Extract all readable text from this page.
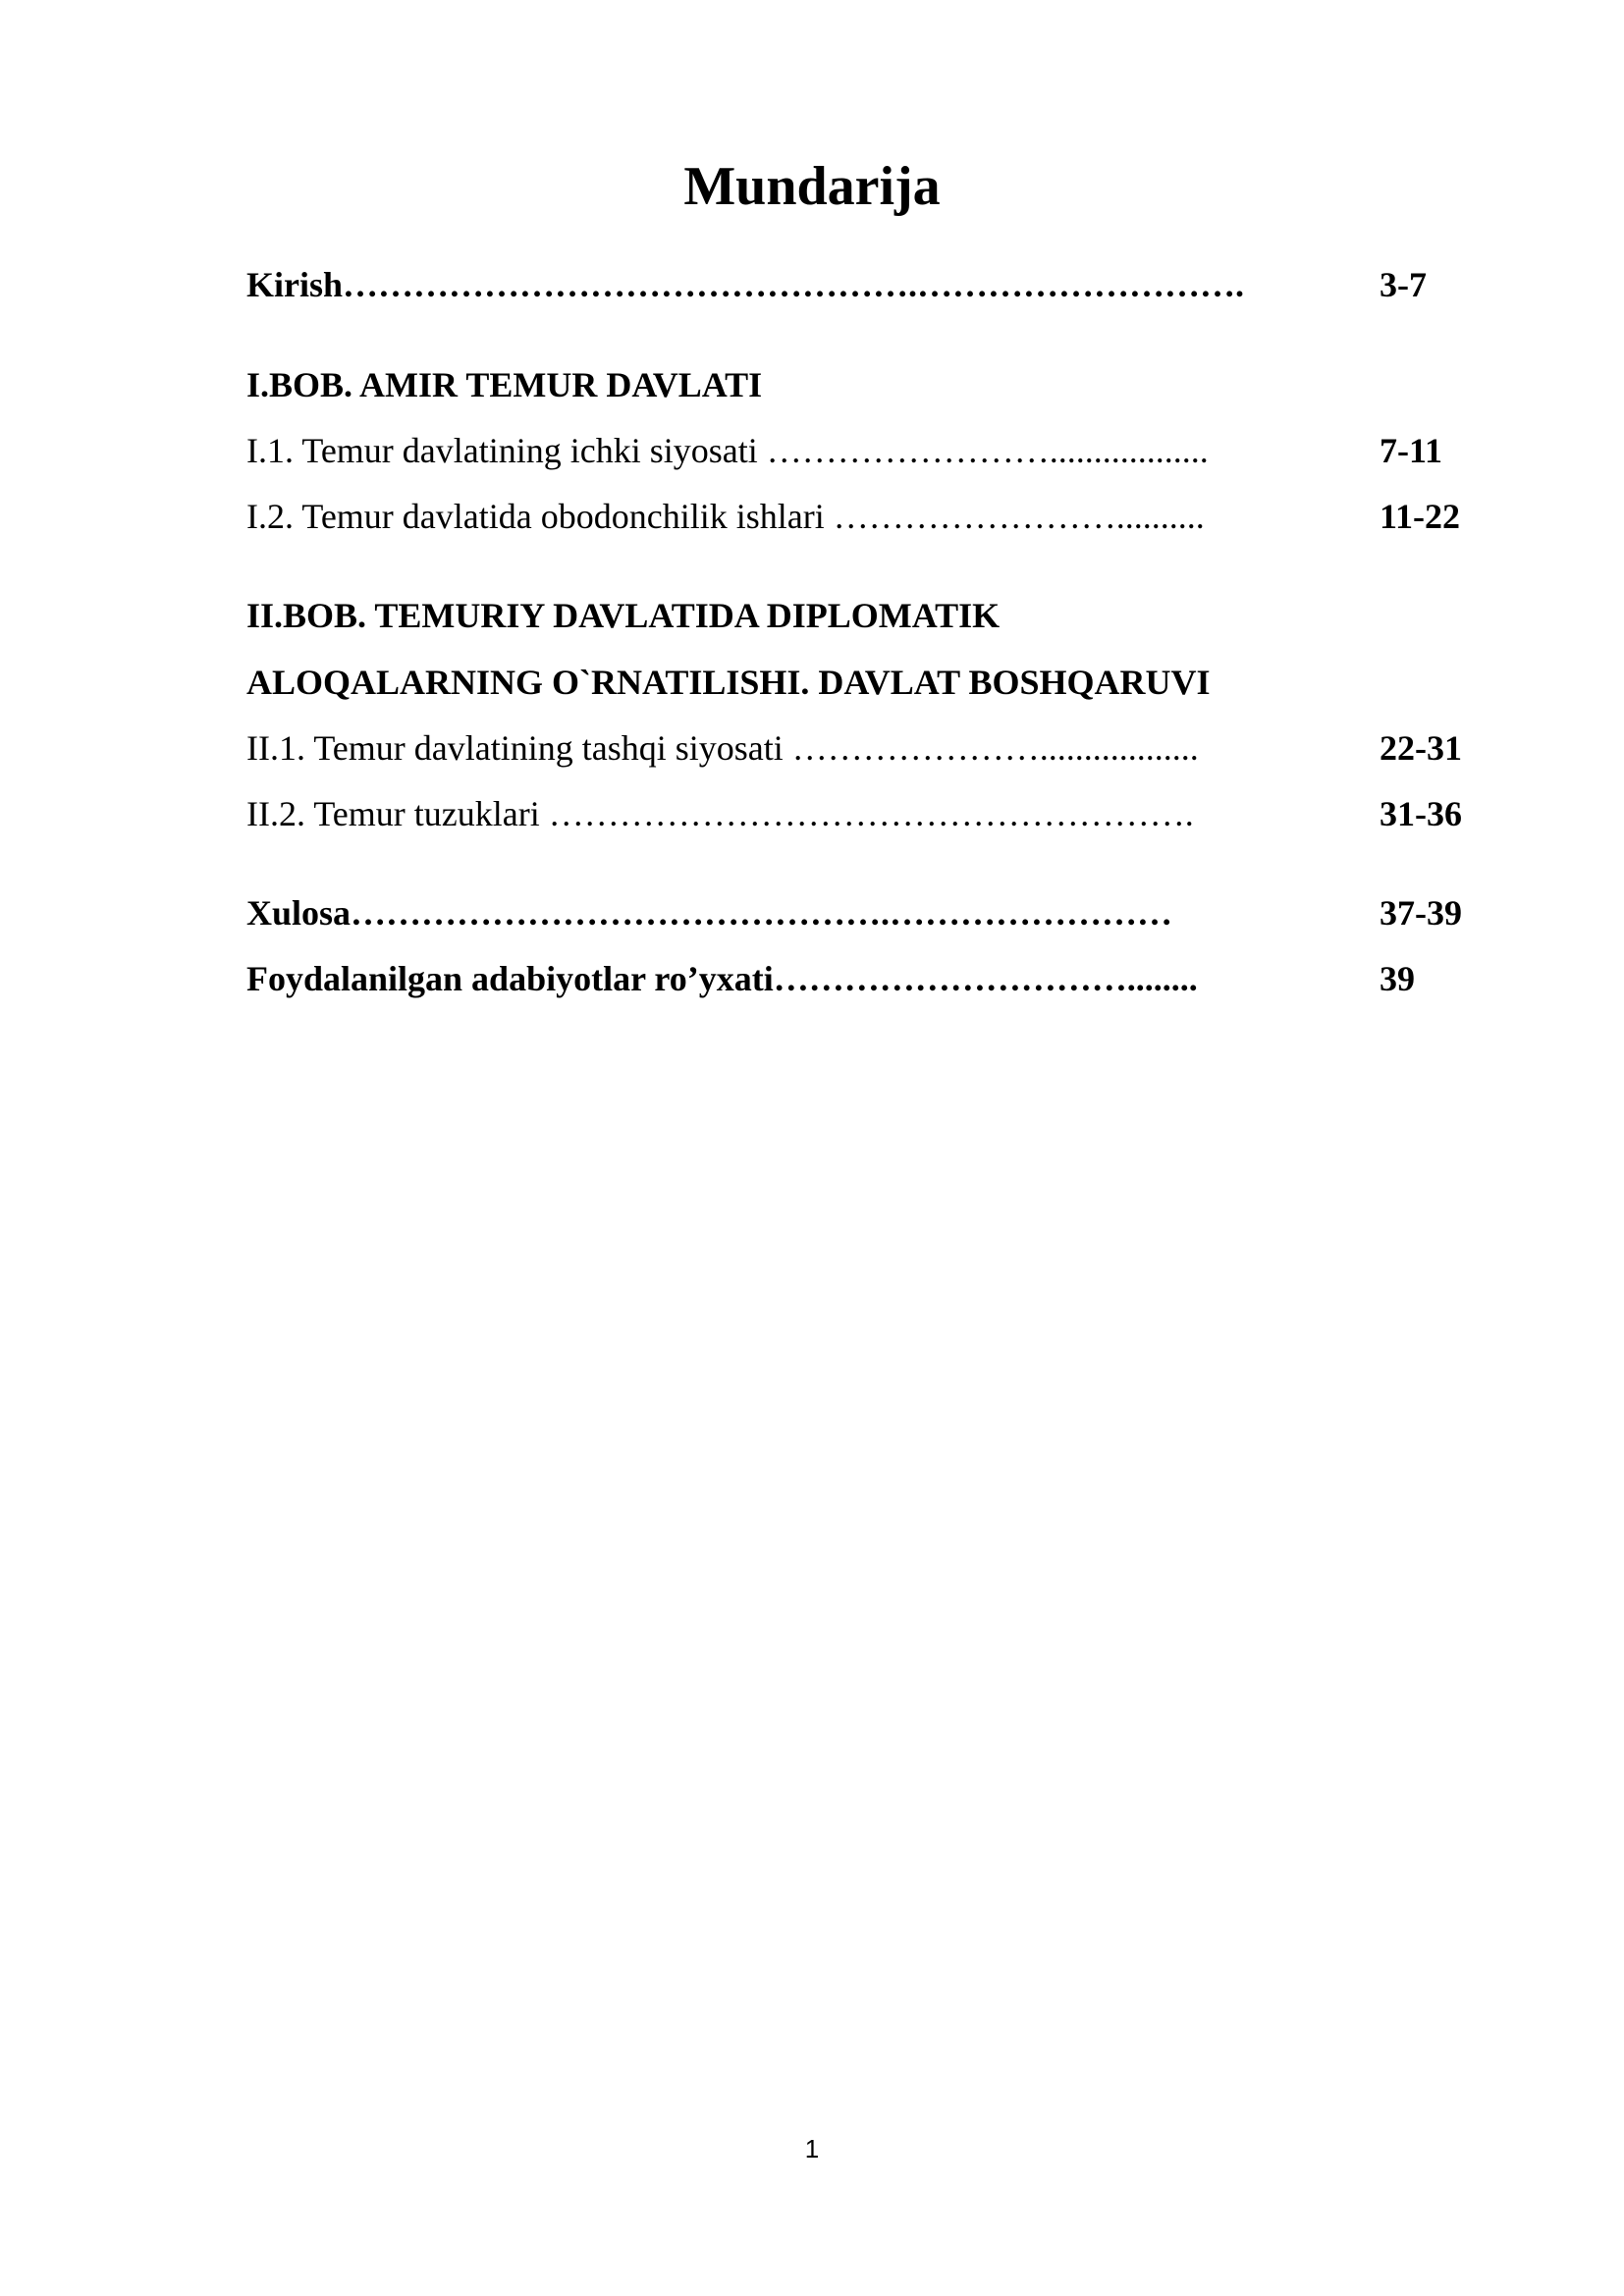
Mundarija
Kirish………………………………………….……………………….	3-7
I.BOB. AMIR TEMUR DAVLATI
I.1. Temur davlatining ichki siyosati ……………………..................	7-11
I.2. Temur davlatida obodonchilik ishlari ……………………..........	11-22
II.BOB. TEMURIY DAVLATIDA DIPLOMATIK
ALOQALARNING O`RNATILISHI. DAVLAT BOSHQARUVI
II.1. Temur davlatining tashqi siyosati …………………..................	22-31
II.2. Temur tuzuklari ……………………………………………….	31-36
Xulosa……………………………………….……………………	37-39
Foydalanilgan adabiyotlar ro’yxati…………………………........	39
1
